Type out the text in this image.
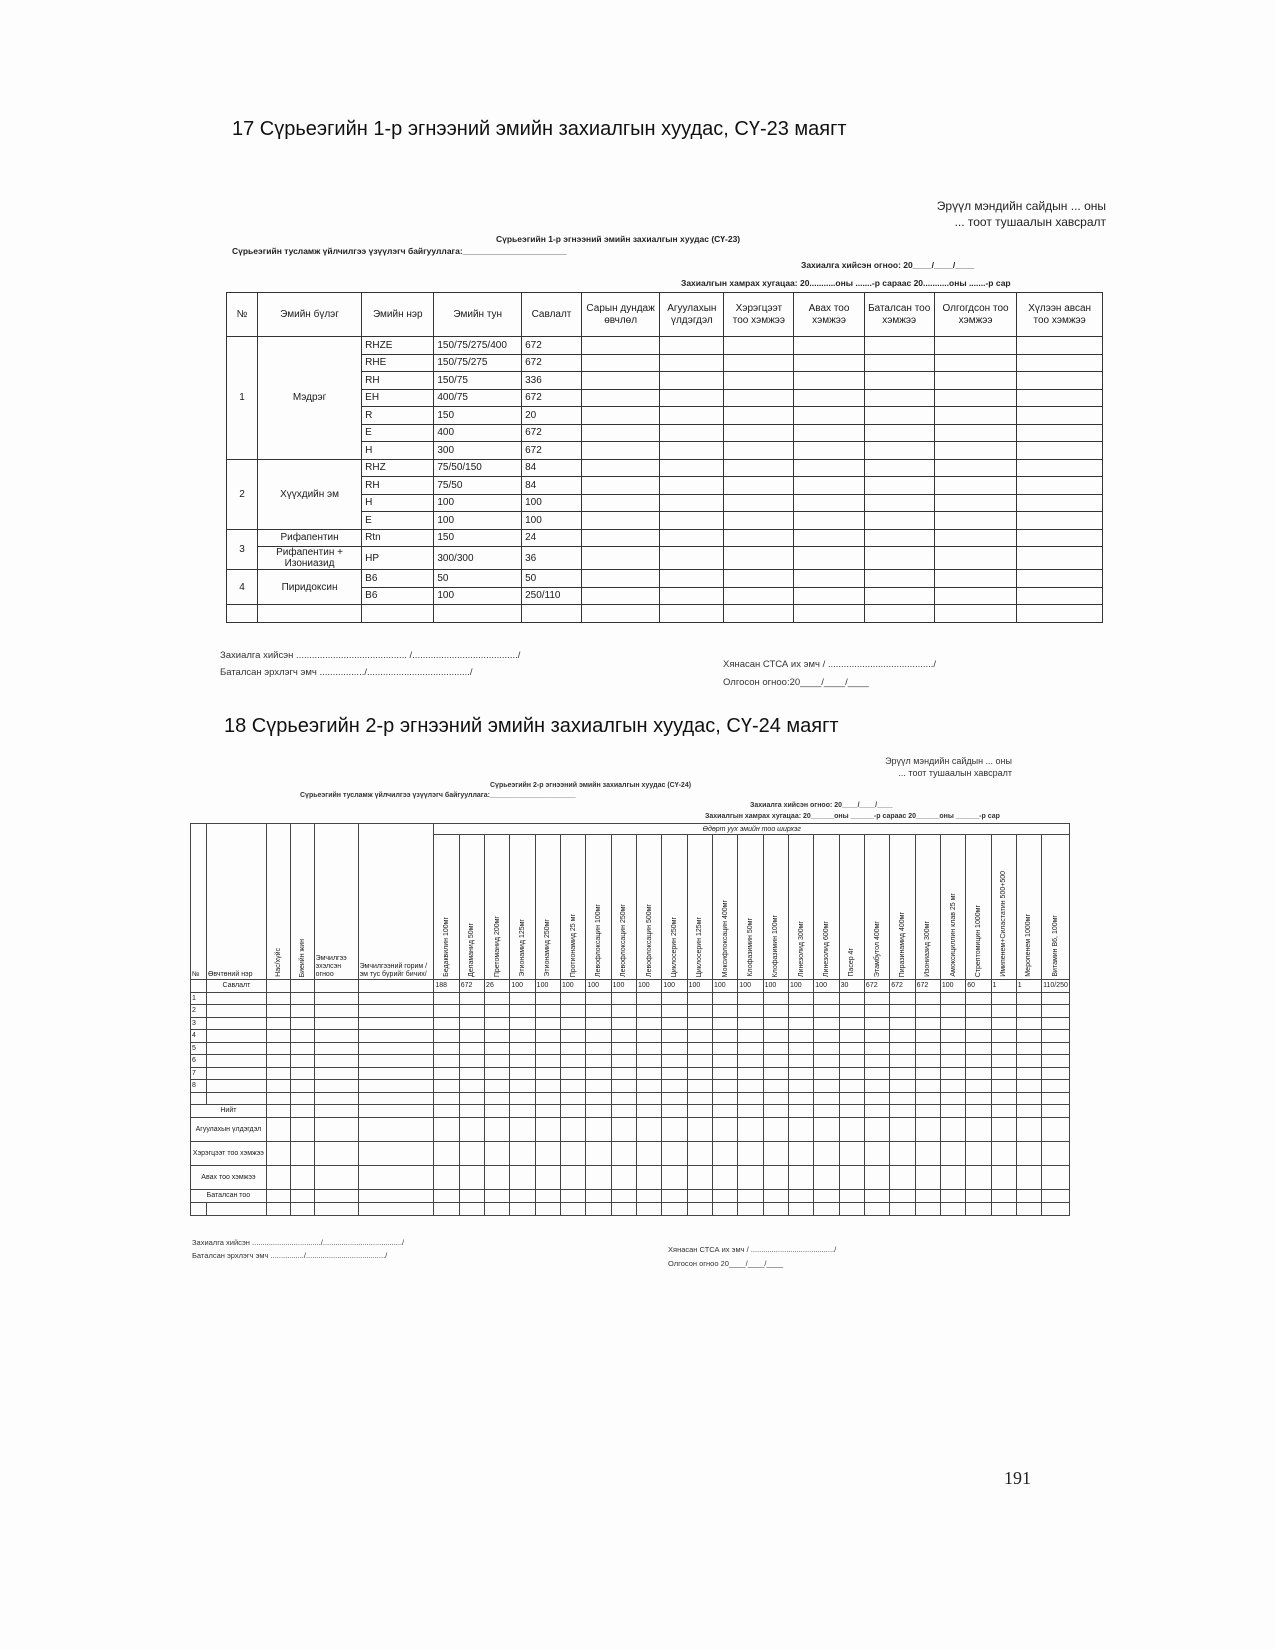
17 Сүрьеэгийн 1-р эгнээний эмийн захиалгын хуудас, СҮ-23 маягт
Эрүүл мэндийн сайдын ... оны
... тоот тушаалын хавсралт
Сүрьеэгийн 1-р эгнээний эмийн захиалгын хуудас (СҮ-23)
Сүрьеэгийн тусламж үйлчилгээ үзүүлэгч байгууллага:______________________
Захиалга хийсэн огноо: 20____/____/____
Захиалгын хамрах хугацаа: 20...........оны .......-р сараас 20...........оны .......-р сар
№	Эмийн бүлэг	Эмийн нэр	Эмийн тун	Савлалт	Сарын дундаж өвчлөл	Агуулахын үлдэгдэл	Хэрэгцээт тоо хэмжээ	Авах тоо хэмжээ	Баталсан тоо хэмжээ	Олгогдсон тоо хэмжээ	Хүлээн авсан тоо хэмжээ
1	Мэдрэг	RHZE	150/75/275/400	672							
		RHE	150/75/275	672							
		RH	150/75	336							
		EH	400/75	672							
		R	150	20							
		E	400	672							
		H	300	672							
2	Хүүхдийн эм	RHZ	75/50/150	84							
		RH	75/50	84							
		H	100	100							
		E	100	100							
3	Рифапентин	Rtn	150	24							
	Рифапентин + Изониазид	HP	300/300	36							
4	Пиридоксин	B6	50	50							
		B6	100	250/110							

Захиалга хийсэн .......................................... /......................................../
Баталсан эрхлэгч эмч ................./......................................./
Хянасан СТСА их эмч / ......................................../
Олгосон огноо:20____/____/____
18 Сүрьеэгийн 2-р эгнээний эмийн захиалгын хуудас, СҮ-24 маягт
Эрүүл мэндийн сайдын ... оны
... тоот тушаалын хавсралт
Сүрьеэгийн 2-р эгнээний эмийн захиалгын хуудас (СҮ-24)
Сүрьеэгийн тусламж үйлчилгээ үзүүлэгч байгууллага:______________________
Захиалга хийсэн огноо: 20____/____/____
Захиалгын хамрах хугацаа: 20______оны ______-р сараас 20______оны ______-р сар
№	Өвчтөний нэр	Нас/хүйс	Биеийн жин	Эмчилгээ эхэлсэн огноо	Эмчилгээний горим / эм тус бүрийг бичих/	Өдөрт уух эмийн тоо ширхэг																								

						Бедаквилин 100мг	Деламанид 50мг	Претоманид 200мг	Этионамид 125мг	Этионамид 250мг	Протионамид 25 мг	Левофлоксацин 100мг	Левофлоксацин 250мг	Левофлоксацин 500мг	Циклосерин 250мг	Циклосерин 125мг	Моксифлоксацин 400мг	Клофазимин 50мг	Клофазимин 100мг	Линезолид 300мг	Линезолид 600мг	Пасер 4г	Этамбутол 400мг	Пиразинамид 400мг	Изониазид 300мг	Амоксициллин клав 25 мг	Стрептомицин 1000мг	Имипенем+Силастатин 500+500	Меропенем 1000мг	Витамин B6, 100мг

	Савлалт					188	672	26	100	100	100	100	100	100	100	100	100	100	100	100	100	30	672	672	672	100	60	1	1	110/250
1																														
2																														
3																														
4																														
5																														
6																														
7																														
8																														

Нийт																														
Агуулахын үлдэгдэл																														
Хэрэгцээт тоо хэмжээ																														
Авах тоо хэмжээ																														
Баталсан тоо																														

Захиалга хийсэн ................................./....................................../
Баталсан эрхлэгч эмч ................/....................................../
Хянасан СТСА их эмч / ......................................../
Олгосон огноо 20____/____/____
191
